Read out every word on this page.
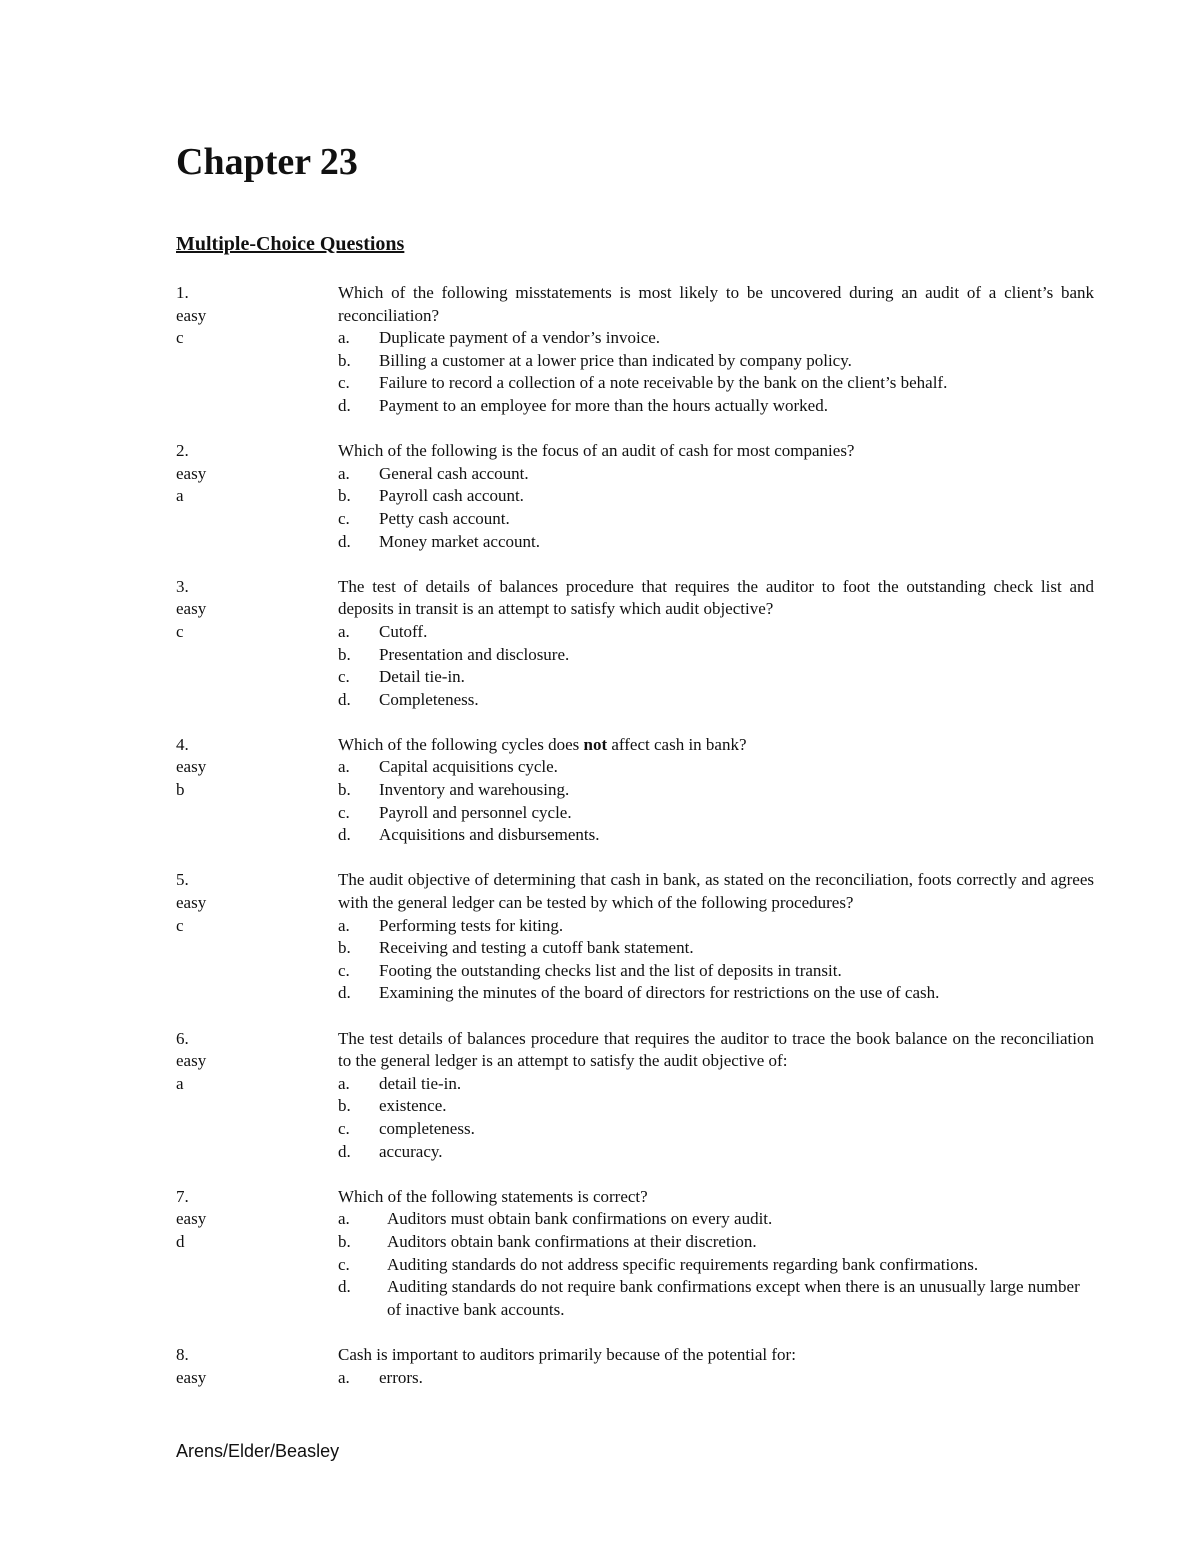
Chapter 23
Multiple-Choice Questions
1.
easy
c
Which of the following misstatements is most likely to be uncovered during an audit of a client’s bank reconciliation?
a.	Duplicate payment of a vendor’s invoice.
b.	Billing a customer at a lower price than indicated by company policy.
c.	Failure to record a collection of a note receivable by the bank on the client’s behalf.
d.	Payment to an employee for more than the hours actually worked.
2.
easy
a
Which of the following is the focus of an audit of cash for most companies?
a.	General cash account.
b.	Payroll cash account.
c.	Petty cash account.
d.	Money market account.
3.
easy
c
The test of details of balances procedure that requires the auditor to foot the outstanding check list and deposits in transit is an attempt to satisfy which audit objective?
a.	Cutoff.
b.	Presentation and disclosure.
c.	Detail tie-in.
d.	Completeness.
4.
easy
b
Which of the following cycles does not affect cash in bank?
a.	Capital acquisitions cycle.
b.	Inventory and warehousing.
c.	Payroll and personnel cycle.
d.	Acquisitions and disbursements.
5.
easy
c
The audit objective of determining that cash in bank, as stated on the reconciliation, foots correctly and agrees with the general ledger can be tested by which of the following procedures?
a.	Performing tests for kiting.
b.	Receiving and testing a cutoff bank statement.
c.	Footing the outstanding checks list and the list of deposits in transit.
d.	Examining the minutes of the board of directors for restrictions on the use of cash.
6.
easy
a
The test details of balances procedure that requires the auditor to trace the book balance on the reconciliation to the general ledger is an attempt to satisfy the audit objective of:
a.	detail tie-in.
b.	existence.
c.	completeness.
d.	accuracy.
7.
easy
d
Which of the following statements is correct?
a.	Auditors must obtain bank confirmations on every audit.
b.	Auditors obtain bank confirmations at their discretion.
c.	Auditing standards do not address specific requirements regarding bank confirmations.
d.	Auditing standards do not require bank confirmations except when there is an unusually large number of inactive bank accounts.
8.
easy
Cash is important to auditors primarily because of the potential for:
a.	errors.
Arens/Elder/Beasley
